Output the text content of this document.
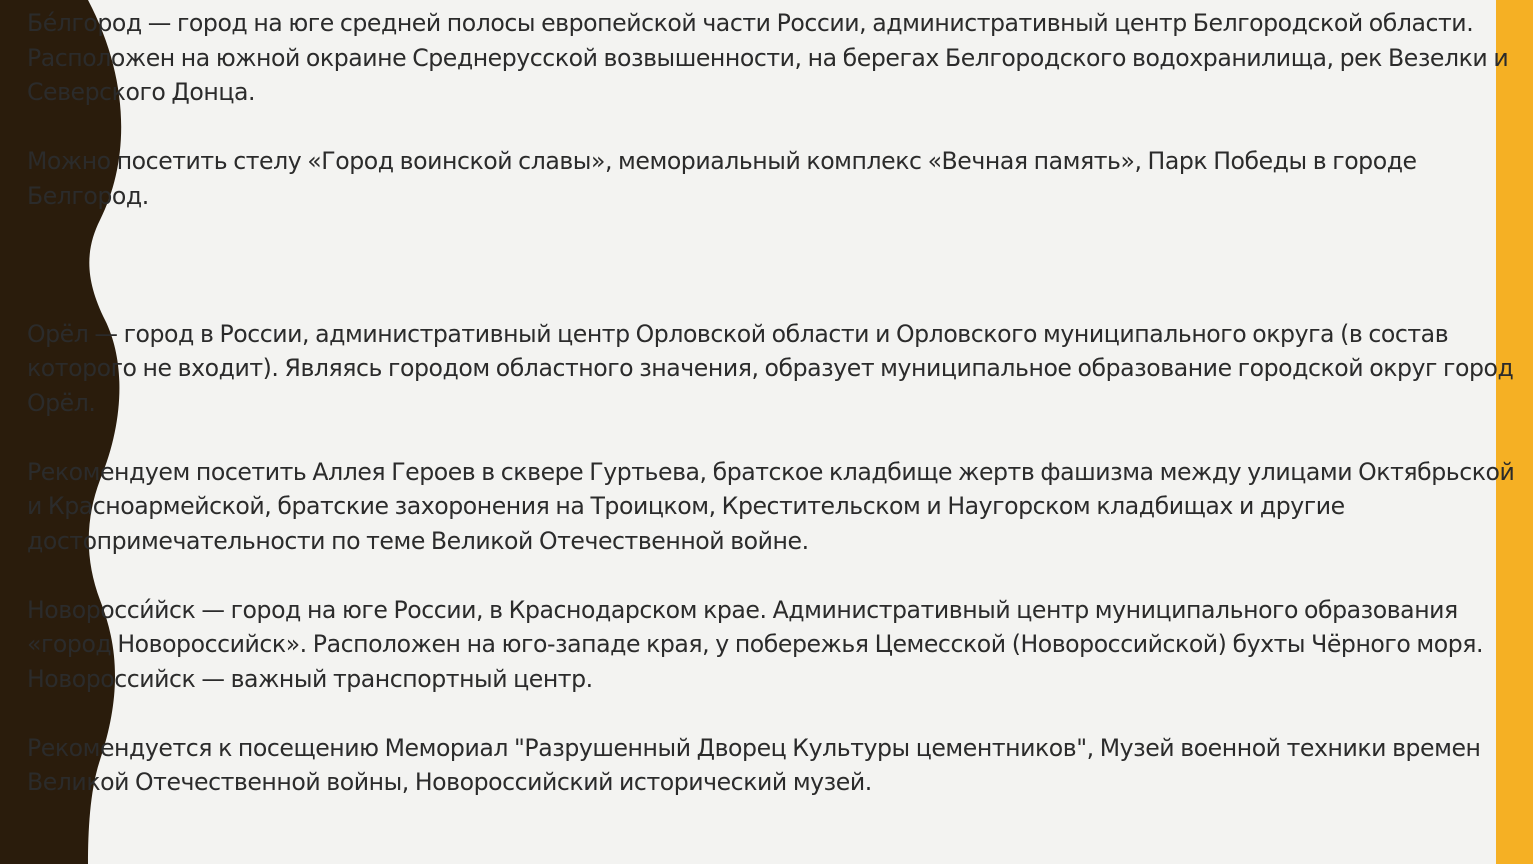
Бе́лгород — город на юге средней полосы европейской части России, административный центр Белгородской области. Расположен на южной окраине Среднерусской возвышенности, на берегах Белгородского водохранилища, рек Везелки и Северского Донца.

Можно посетить стелу «Город воинской славы», мемориальный комплекс «Вечная память», Парк Победы в городе Белгород.

Орёл — город в России, административный центр Орловской области и Орловского муниципального округа (в состав которого не входит). Являясь городом областного значения, образует муниципальное образование городской округ город Орёл.

Рекомендуем посетить Аллея Героев в сквере Гуртьева, братское кладбище жертв фашизма между улицами Октябрьской и Красноармейской, братские захоронения на Троицком, Крестительском и Наугорском кладбищах и другие достопримечательности по теме Великой Отечественной войне.

Новоросси́йск — город на юге России, в Краснодарском крае. Административный центр муниципального образования «город Новороссийск». Расположен на юго-западе края, у побережья Цемесской (Новороссийской) бухты Чёрного моря.

Новороссийск — важный транспортный центр.

Рекомендуется к посещению Мемориал "Разрушенный Дворец Культуры цементников", Музей военной техники времен Великой Отечественной войны, Новороссийский исторический музей.
